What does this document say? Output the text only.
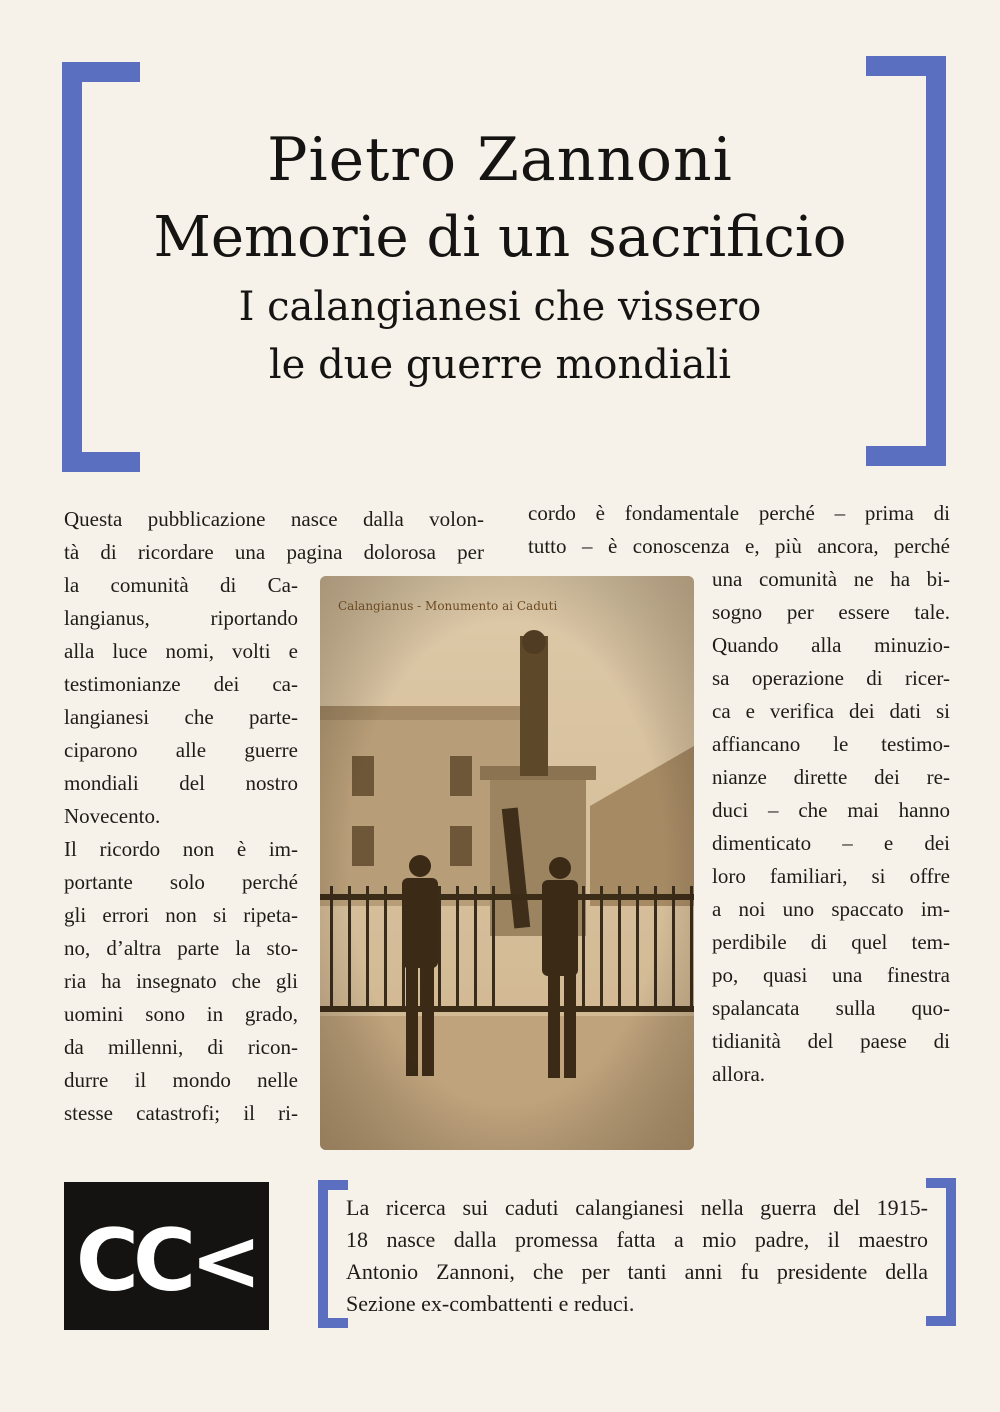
Pietro Zannoni
Memorie di un sacrificio
I calangianesi che vissero
le due guerre mondiali
Questa pubblicazione nasce dalla volon-
tà di ricordare una pagina dolorosa per
la comunità di Ca-
langianus, riportando
alla luce nomi, volti e
testimonianze dei ca-
langianesi che parte-
ciparono alle guerre
mondiali del nostro
Novecento.
Il ricordo non è im-
portante solo perché
gli errori non si ripeta-
no, d’altra parte la sto-
ria ha insegnato che gli
uomini sono in grado,
da millenni, di ricon-
durre il mondo nelle
stesse catastrofi; il ri-
cordo è fondamentale perché – prima di
tutto – è conoscenza e, più ancora, perché
una comunità ne ha bi-
sogno per essere tale.
Quando alla minuzio-
sa operazione di ricer-
ca e verifica dei dati si
affiancano le testimo-
nianze dirette dei re-
duci – che mai hanno
dimenticato – e dei
loro familiari, si offre
a noi uno spaccato im-
perdibile di quel tem-
po, quasi una finestra
spalancata sulla quo-
tidianità del paese di
allora.
Calangianus - Monumento ai Caduti
CC<
La ricerca sui caduti calangianesi nella guerra del 1915-
18 nasce dalla promessa fatta a mio padre, il maestro
Antonio Zannoni, che per tanti anni fu presidente della
Sezione ex-combattenti e reduci.
